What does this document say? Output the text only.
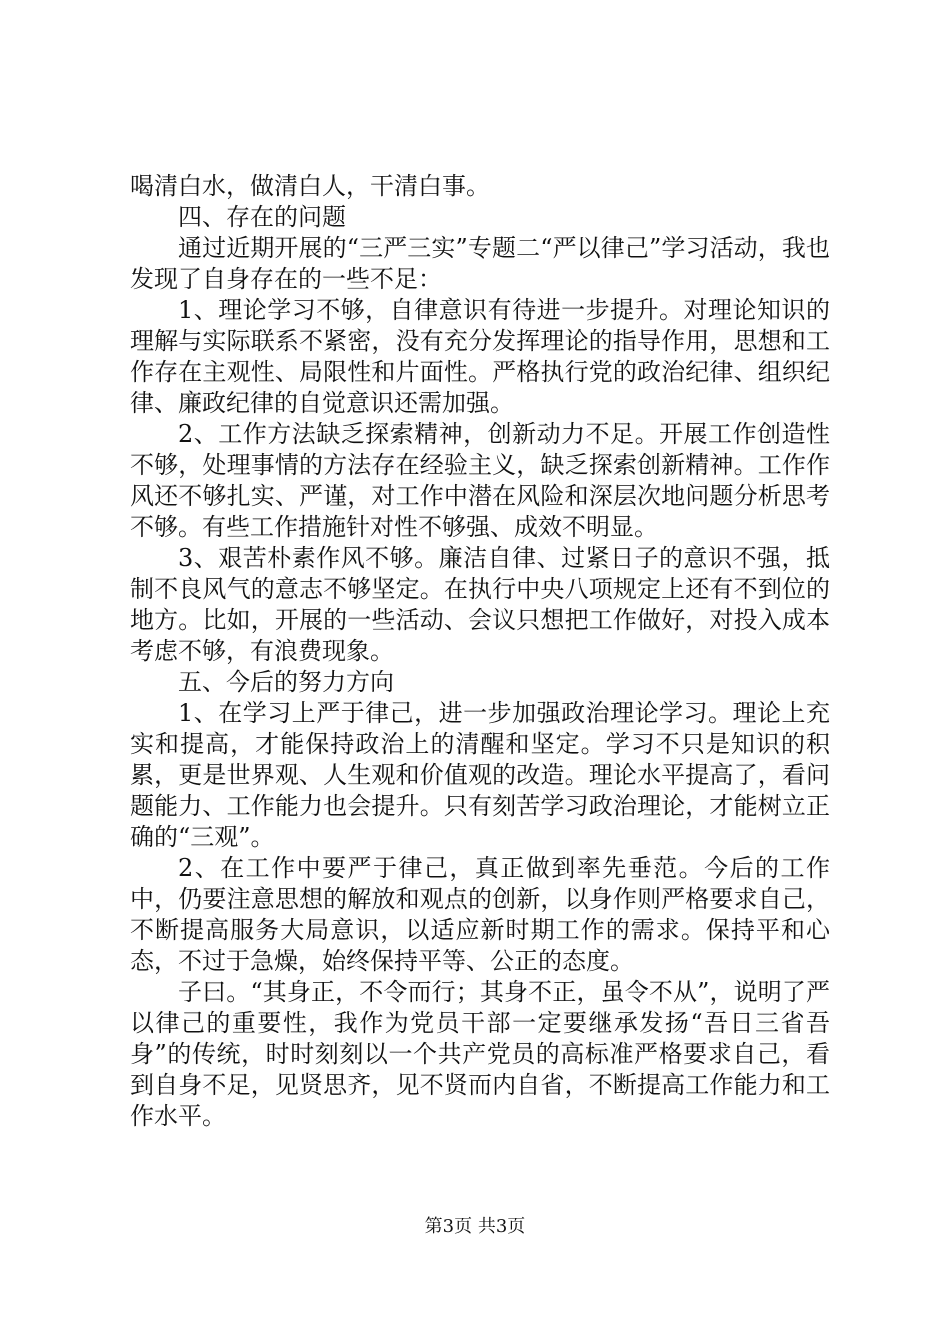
喝清白水，做清白人，干清白事。

四、存在的问题

通过近期开展的“三严三实”专题二“严以律己”学习活动，我也发现了自身存在的一些不足：

1、理论学习不够，自律意识有待进一步提升。对理论知识的理解与实际联系不紧密，没有充分发挥理论的指导作用，思想和工作存在主观性、局限性和片面性。严格执行党的政治纪律、组织纪律、廉政纪律的自觉意识还需加强。

2、工作方法缺乏探索精神，创新动力不足。开展工作创造性不够，处理事情的方法存在经验主义，缺乏探索创新精神。工作作风还不够扎实、严谨，对工作中潜在风险和深层次地问题分析思考不够。有些工作措施针对性不够强、成效不明显。

3、艰苦朴素作风不够。廉洁自律、过紧日子的意识不强，抵制不良风气的意志不够坚定。在执行中央八项规定上还有不到位的地方。比如，开展的一些活动、会议只想把工作做好，对投入成本考虑不够，有浪费现象。

五、今后的努力方向

1、在学习上严于律己，进一步加强政治理论学习。理论上充实和提高，才能保持政治上的清醒和坚定。学习不只是知识的积累，更是世界观、人生观和价值观的改造。理论水平提高了，看问题能力、工作能力也会提升。只有刻苦学习政治理论，才能树立正确的“三观”。

2、在工作中要严于律己，真正做到率先垂范。今后的工作中，仍要注意思想的解放和观点的创新，以身作则严格要求自己，不断提高服务大局意识，以适应新时期工作的需求。保持平和心态，不过于急燥，始终保持平等、公正的态度。

子曰。“其身正，不令而行；其身不正，虽令不从”，说明了严以律己的重要性，我作为党员干部一定要继承发扬“吾日三省吾身”的传统，时时刻刻以一个共产党员的高标准严格要求自己，看到自身不足，见贤思齐，见不贤而内自省，不断提高工作能力和工作水平。

第3页 共3页
